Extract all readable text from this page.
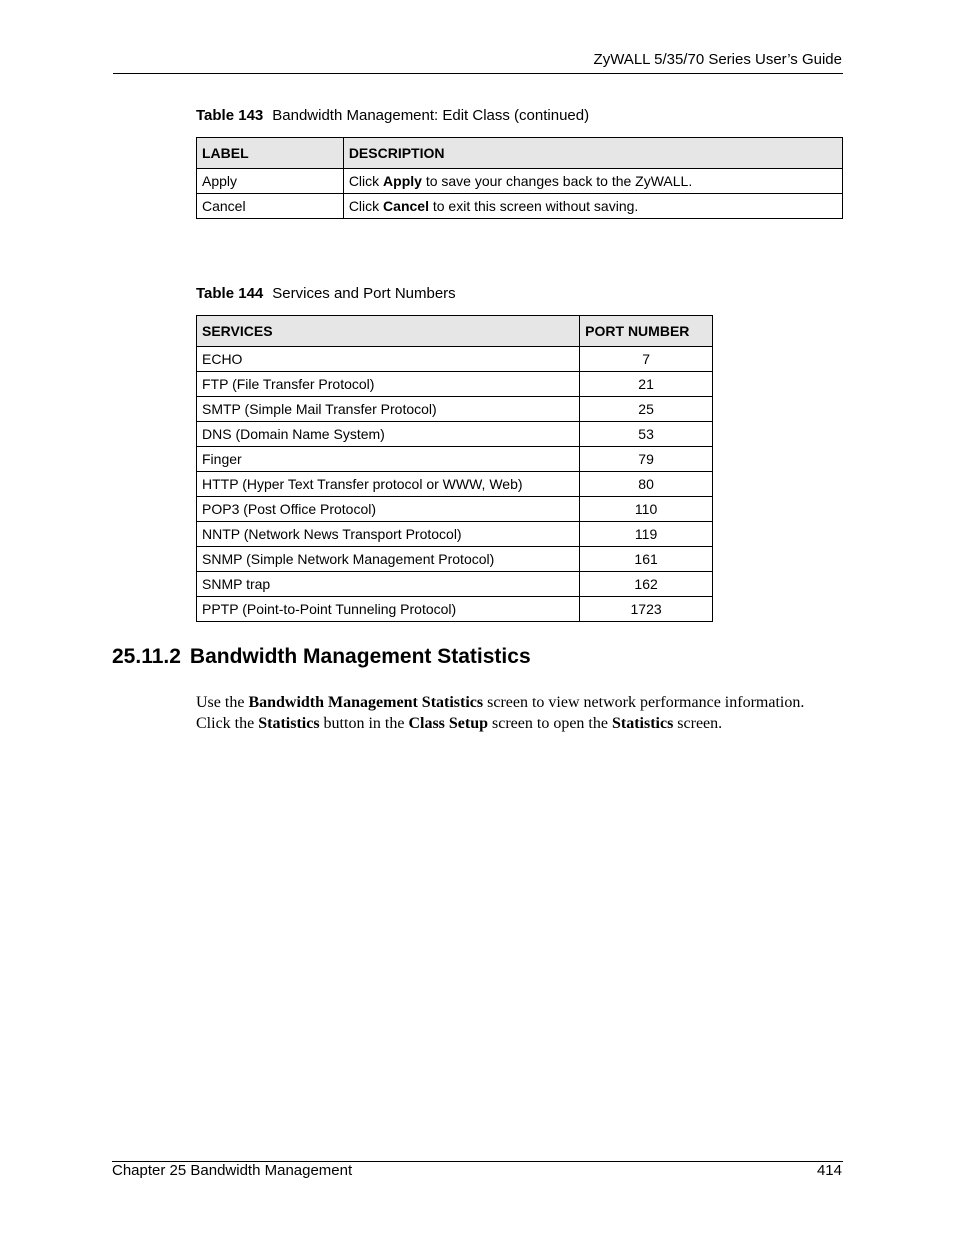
ZyWALL 5/35/70 Series User’s Guide
Table 143 Bandwidth Management: Edit Class (continued)
LABEL	DESCRIPTION
Apply	Click Apply to save your changes back to the ZyWALL.
Cancel	Click Cancel to exit this screen without saving.
Table 144 Services and Port Numbers
SERVICES	PORT NUMBER
ECHO	7
FTP (File Transfer Protocol)	21
SMTP (Simple Mail Transfer Protocol)	25
DNS (Domain Name System)	53
Finger	79
HTTP (Hyper Text Transfer protocol or WWW, Web)	80
POP3 (Post Office Protocol)	110
NNTP (Network News Transport Protocol)	119
SNMP (Simple Network Management Protocol)	161
SNMP trap	162
PPTP (Point-to-Point Tunneling Protocol)	1723
25.11.2 Bandwidth Management Statistics
Use the Bandwidth Management Statistics screen to view network performance information. Click the Statistics button in the Class Setup screen to open the Statistics screen.
Chapter 25 Bandwidth Management	414
